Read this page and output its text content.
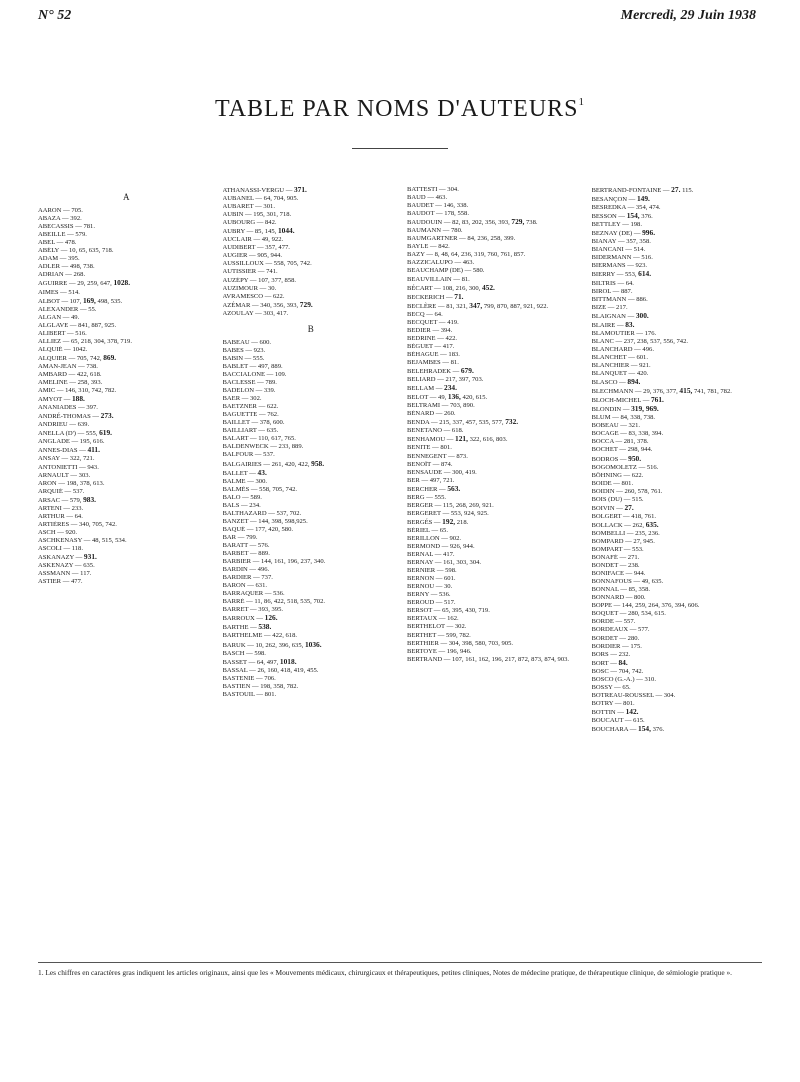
N° 52	Mercredi, 29 Juin 1938
TABLE PAR NOMS D'AUTEURS$^1$
A

AARON — 705.

ABAZA — 392.

ABECASSIS — 781.

ABEILLE — 579.

ABEL — 478.

ABÉLY — 10, 65, 635, 718.

ADAM — 395.

ADLER — 498, 738.

ADRIAN — 268.

AGUIRRE — 29, 259, 647, 1028.

AIMES — 514.

ALBOT — 107, 169, 498, 535.

ALEXANDER — 55.

ALGAN — 49.

ALGLAVE — 841, 887, 925.

ALIBERT — 516.

ALLIEZ — 65, 218, 304, 378, 719.

ALQUIÉ — 1042.

ALQUIER — 705, 742, 869.

AMAN-JEAN — 738.

AMBARD — 422, 618.

AMELINE — 258, 393.

AMIC — 146, 310, 742, 782.

AMYOT — 188.

ANANIADES — 397.

ANDRÉ-THOMAS — 273.

ANDRIEU — 639.

ANELLA (D') — 555, 619.

ANGLADE — 195, 616.

ANNES-DIAS — 411.

ANSAY — 322, 721.

ANTONIETTI — 943.

ARNAULT — 303.

ARON — 198, 378, 613.

ARQUIÉ — 537.

ARSAC — 579, 983.

ARTENI — 233.

ARTHUR — 64.

ARTIÈRES — 340, 705, 742.

ASCH — 920.

ASCHKENASY — 48, 515, 534.

ASCOLI — 118.

ASKANAZY — 931.

ASKENAZY — 635.

ASSMANN — 117.

ASTIER — 477.

ATHANASSI-VERGU — 371.

AUBANEL — 64, 704, 905.

AUBARET — 301.

AUBIN — 195, 301, 718.

AUBOURG — 842.

AUBRY — 85, 145, 1044.

AUCLAIR — 49, 922.

AUDIBERT — 357, 477.

AUGIER — 905, 944.

AUSSILLOUX — 558, 705, 742.

AUTISSIER — 741.

AUZÉPY — 107, 377, 858.

AUZIMOUR — 30.

AVRAMESCO — 622.

AZÉMAR — 340, 356, 393, 729.

AZOULAY — 303, 417.

B

BABEAU — 600.

BABES — 923.

BABIN — 555.

BABLET — 497, 889.

BACCIALONE — 109.

BACLESSE — 789.

BADELON — 339.

BAER — 302.

BAETZNER — 622.

BAGUETTE — 762.

BAILLET — 378, 600.

BAILLIART — 635.

BALART — 110, 617, 765.

BALDENWECK — 233, 889.

BALFOUR — 537.

BALGAIRIES — 261, 420, 422, 958.

BALLET — 43.

BALME — 300.

BALMÈS — 558, 705, 742.

BALO — 589.

BALS — 234.

BALTHAZARD — 537, 702.

BANZET — 144, 398, 598,925.

BAQUÉ — 177, 420, 580.

BAR — 799.

BARATT — 576.

BARBET — 889.

BARBIER — 144, 161, 196, 237, 340.

BARDIN — 496.

BARDIER — 737.

BARON — 631.

BARRAQUER — 536.

BARRÉ — 11, 86, 422, 518, 535, 702.

BARRET — 393, 395.

BARROUX — 126.

BARTHE — 538.

BARTHELME — 422, 618.

BARUK — 10, 262, 396, 635, 1036.

BASCH — 598.

BASSET — 64, 497, 1018.

BASSAL — 26, 160, 418, 419, 455.

BASTENIE — 706.

BASTIEN — 198, 358, 782.

BASTOUIL — 801.

BATTESTI — 304.

BAUD — 463.

BAUDET — 146, 338.

BAUDOT — 178, 558.

BAUDOUIN — 82, 83, 202, 356, 393, 729, 738.

BAUMANN — 780.

BAUMGARTNER — 84, 236, 258, 399.

BAYLE — 842.

BAZY — 8, 48, 64, 236, 319, 760, 761, 857.

BAZZICALUPO — 463.

BEAUCHAMP (DE) — 580.

BEAUVILLAIN — 81.

BÉCART — 108, 216, 300, 452.

BECKERICH — 71.

BECLÈRE — 81, 321, 347, 799, 870, 887, 921, 922.

BECQ — 64.

BECQUET — 419.

BEDIER — 394.

BEDRINE — 422.

BÈGUET — 417.

BÉHAGUE — 183.

BEJAMBES — 81.

BELEHRADEK — 679.

BELIARD — 217, 397, 703.

BELLAM — 234.

BELOT — 49, 136, 420, 615.

BELTRAMI — 703, 890.

BÉNARD — 260.

BENDA — 215, 337, 457, 535, 577, 732.

BENETANO — 618.

BENHAMOU — 121, 322, 616, 803.

BENITE — 801.

BENNEGENT — 873.

BENOÎT — 874.

BENSAUDE — 300, 419.

BER — 497, 721.

BERCHER — 563.

BERG — 555.

BERGER — 115, 268, 269, 921.

BERGERET — 553, 924, 925.

BERGÉS — 192, 218.

BÉRIEL — 65.

BERILLON — 902.

BERMOND — 926, 944.

BERNAL — 417.

BERNAY — 161, 303, 304.

BERNIER — 598.

BERNON — 601.

BERNOU — 30.

BERNY — 536.

BEROUD — 517.

BERSOT — 65, 395, 430, 719.

BERTAUX — 162.

BERTHELOT — 302.

BERTHET — 599, 782.

BERTHIER — 304, 398, 580, 703, 905.

BERTOYE — 196, 946.

BERTRAND — 107, 161, 162, 196, 217, 872, 873, 874, 903.

BERTRAND-FONTAINE — 27. 115.

BESANÇON — 149.

BESREDKA — 354, 474.

BESSON — 154, 376.

BETTLEY — 198.

BEZNAY (DE) — 996.

BIANAY — 357, 358.

BIANCANI — 514.

BIDERMANN — 516.

BIERMANS — 923.

BIERRY — 553, 614.

BILTRIS — 64.

BIROL — 887.

BITTMANN — 886.

BIZE — 217.

BLAIGNAN — 300.

BLAIRE — 83.

BLAMOUTIER — 176.

BLANC — 237, 238, 537, 556, 742.

BLANCHARD — 496.

BLANCHET — 601.

BLANCHIER — 921.

BLANQUET — 420.

BLASCO — 894.

BLECHMANN — 29, 376, 377, 415, 741, 781, 782.

BLOCH-MICHEL — 761.

BLONDIN — 319, 969.

BLUM — 84, 338, 738.

BOBEAU — 321.

BOCAGE — 83, 338, 394.

BOCCA — 281, 378.

BOCHET — 298, 944.

BODROS — 950.

BOGOMOLETZ — 516.

BÖHNING — 622.

BOIDE — 801.

BOIDIN — 260, 578, 761.

BOIS (DU) — 515.

BOIVIN — 27.

BOLGERT — 418, 761.

BOLLACK — 262, 635.

BOMBELLI — 235, 236.

BOMPARD — 27, 945.

BOMPART — 553.

BONAFÉ — 271.

BONDET — 238.

BONIFACE — 944.

BONNAFOUS — 49, 635.

BONNAL — 85, 358.

BONNARD — 800.

BOPPE — 144, 259, 264, 376, 394, 606.

BOQUET — 280, 534, 615.

BORDE — 557.

BORDEAUX — 577.

BORDET — 280.

BORDIER — 175.

BORS — 232.

BORT — 84.

BOSC — 704, 742.

BOSCO (G.-A.) — 310.

BOSSY — 65.

BOTREAU-ROUSSEL — 304.

BOTRY — 801.

BOTTIN — 142.

BOUCAUT — 615.

BOUCHARA — 154, 376.

1. Les chiffres en caractères gras indiquent les articles originaux, ainsi que les « Mouvements médicaux, chirurgicaux et thérapeutiques, petites cliniques, Notes de médecine pratique, de thérapeutique clinique, de sémiologie pratique ».
